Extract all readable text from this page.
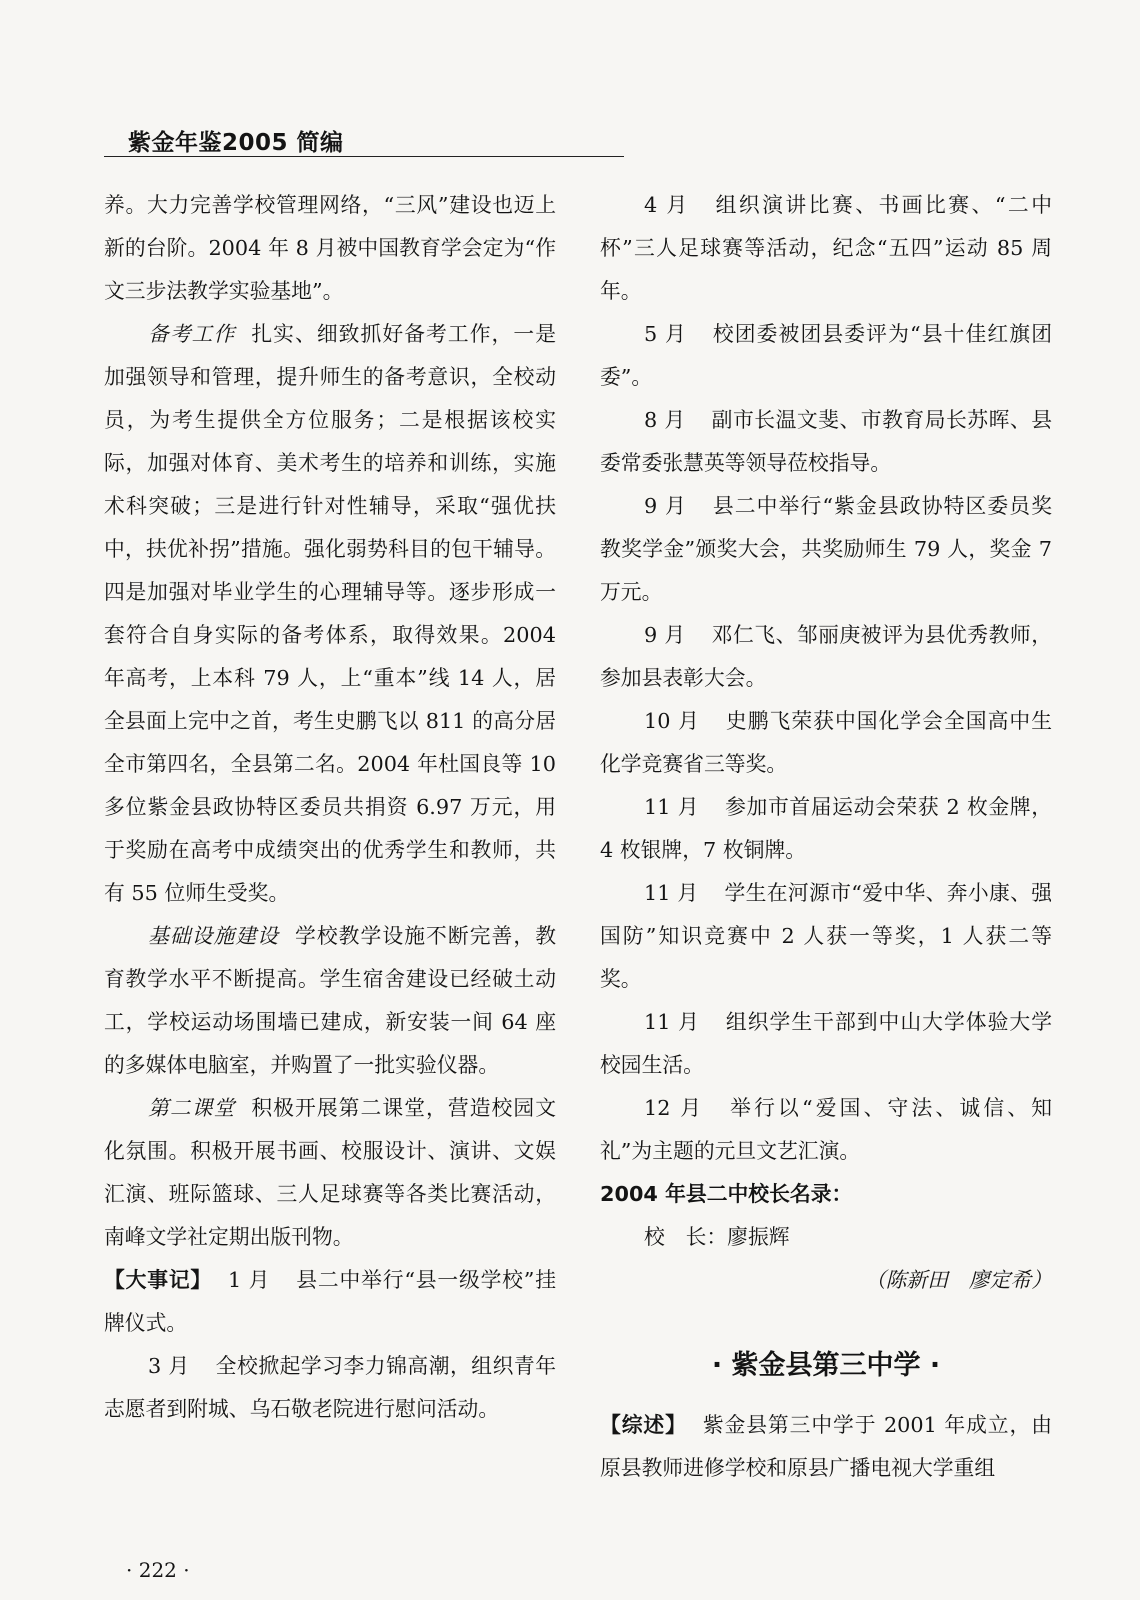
紫金年鉴2005 简编

养。大力完善学校管理网络，“三风”建设也迈上新的台阶。2004 年 8 月被中国教育学会定为“作文三步法教学实验基地”。

备考工作 扎实、细致抓好备考工作，一是加强领导和管理，提升师生的备考意识，全校动员，为考生提供全方位服务；二是根据该校实际，加强对体育、美术考生的培养和训练，实施术科突破；三是进行针对性辅导，采取“强优扶中，扶优补拐”措施。强化弱势科目的包干辅导。四是加强对毕业学生的心理辅导等。逐步形成一套符合自身实际的备考体系，取得效果。2004 年高考，上本科 79 人，上“重本”线 14 人，居全县面上完中之首，考生史鹏飞以 811 的高分居全市第四名，全县第二名。2004 年杜国良等 10 多位紫金县政协特区委员共捐资 6.97 万元，用于奖励在高考中成绩突出的优秀学生和教师，共有 55 位师生受奖。

基础设施建设 学校教学设施不断完善，教育教学水平不断提高。学生宿舍建设已经破土动工，学校运动场围墙已建成，新安装一间 64 座的多媒体电脑室，并购置了一批实验仪器。

第二课堂 积极开展第二课堂，营造校园文化氛围。积极开展书画、校服设计、演讲、文娱汇演、班际篮球、三人足球赛等各类比赛活动，南峰文学社定期出版刊物。

【大事记】 1 月 县二中举行“县一级学校”挂牌仪式。

3 月 全校掀起学习李力锦高潮，组织青年志愿者到附城、乌石敬老院进行慰问活动。

4 月 组织演讲比赛、书画比赛、“二中杯”三人足球赛等活动，纪念“五四”运动 85 周年。

5 月 校团委被团县委评为“县十佳红旗团委”。

8 月 副市长温文斐、市教育局长苏晖、县委常委张慧英等领导莅校指导。

9 月 县二中举行“紫金县政协特区委员奖教奖学金”颁奖大会，共奖励师生 79 人，奖金 7 万元。

9 月 邓仁飞、邹丽庚被评为县优秀教师，参加县表彰大会。

10 月 史鹏飞荣获中国化学会全国高中生化学竞赛省三等奖。

11 月 参加市首届运动会荣获 2 枚金牌，4 枚银牌，7 枚铜牌。

11 月 学生在河源市“爱中华、奔小康、强国防”知识竞赛中 2 人获一等奖，1 人获二等奖。

11 月 组织学生干部到中山大学体验大学校园生活。

12 月 举行以“爱国、守法、诚信、知礼”为主题的元旦文艺汇演。

2004 年县二中校长名录：

校　长：廖振辉

（陈新田　廖定希）

· 紫金县第三中学 ·

【综述】 紫金县第三中学于 2001 年成立，由原县教师进修学校和原县广播电视大学重组

· 222 ·
